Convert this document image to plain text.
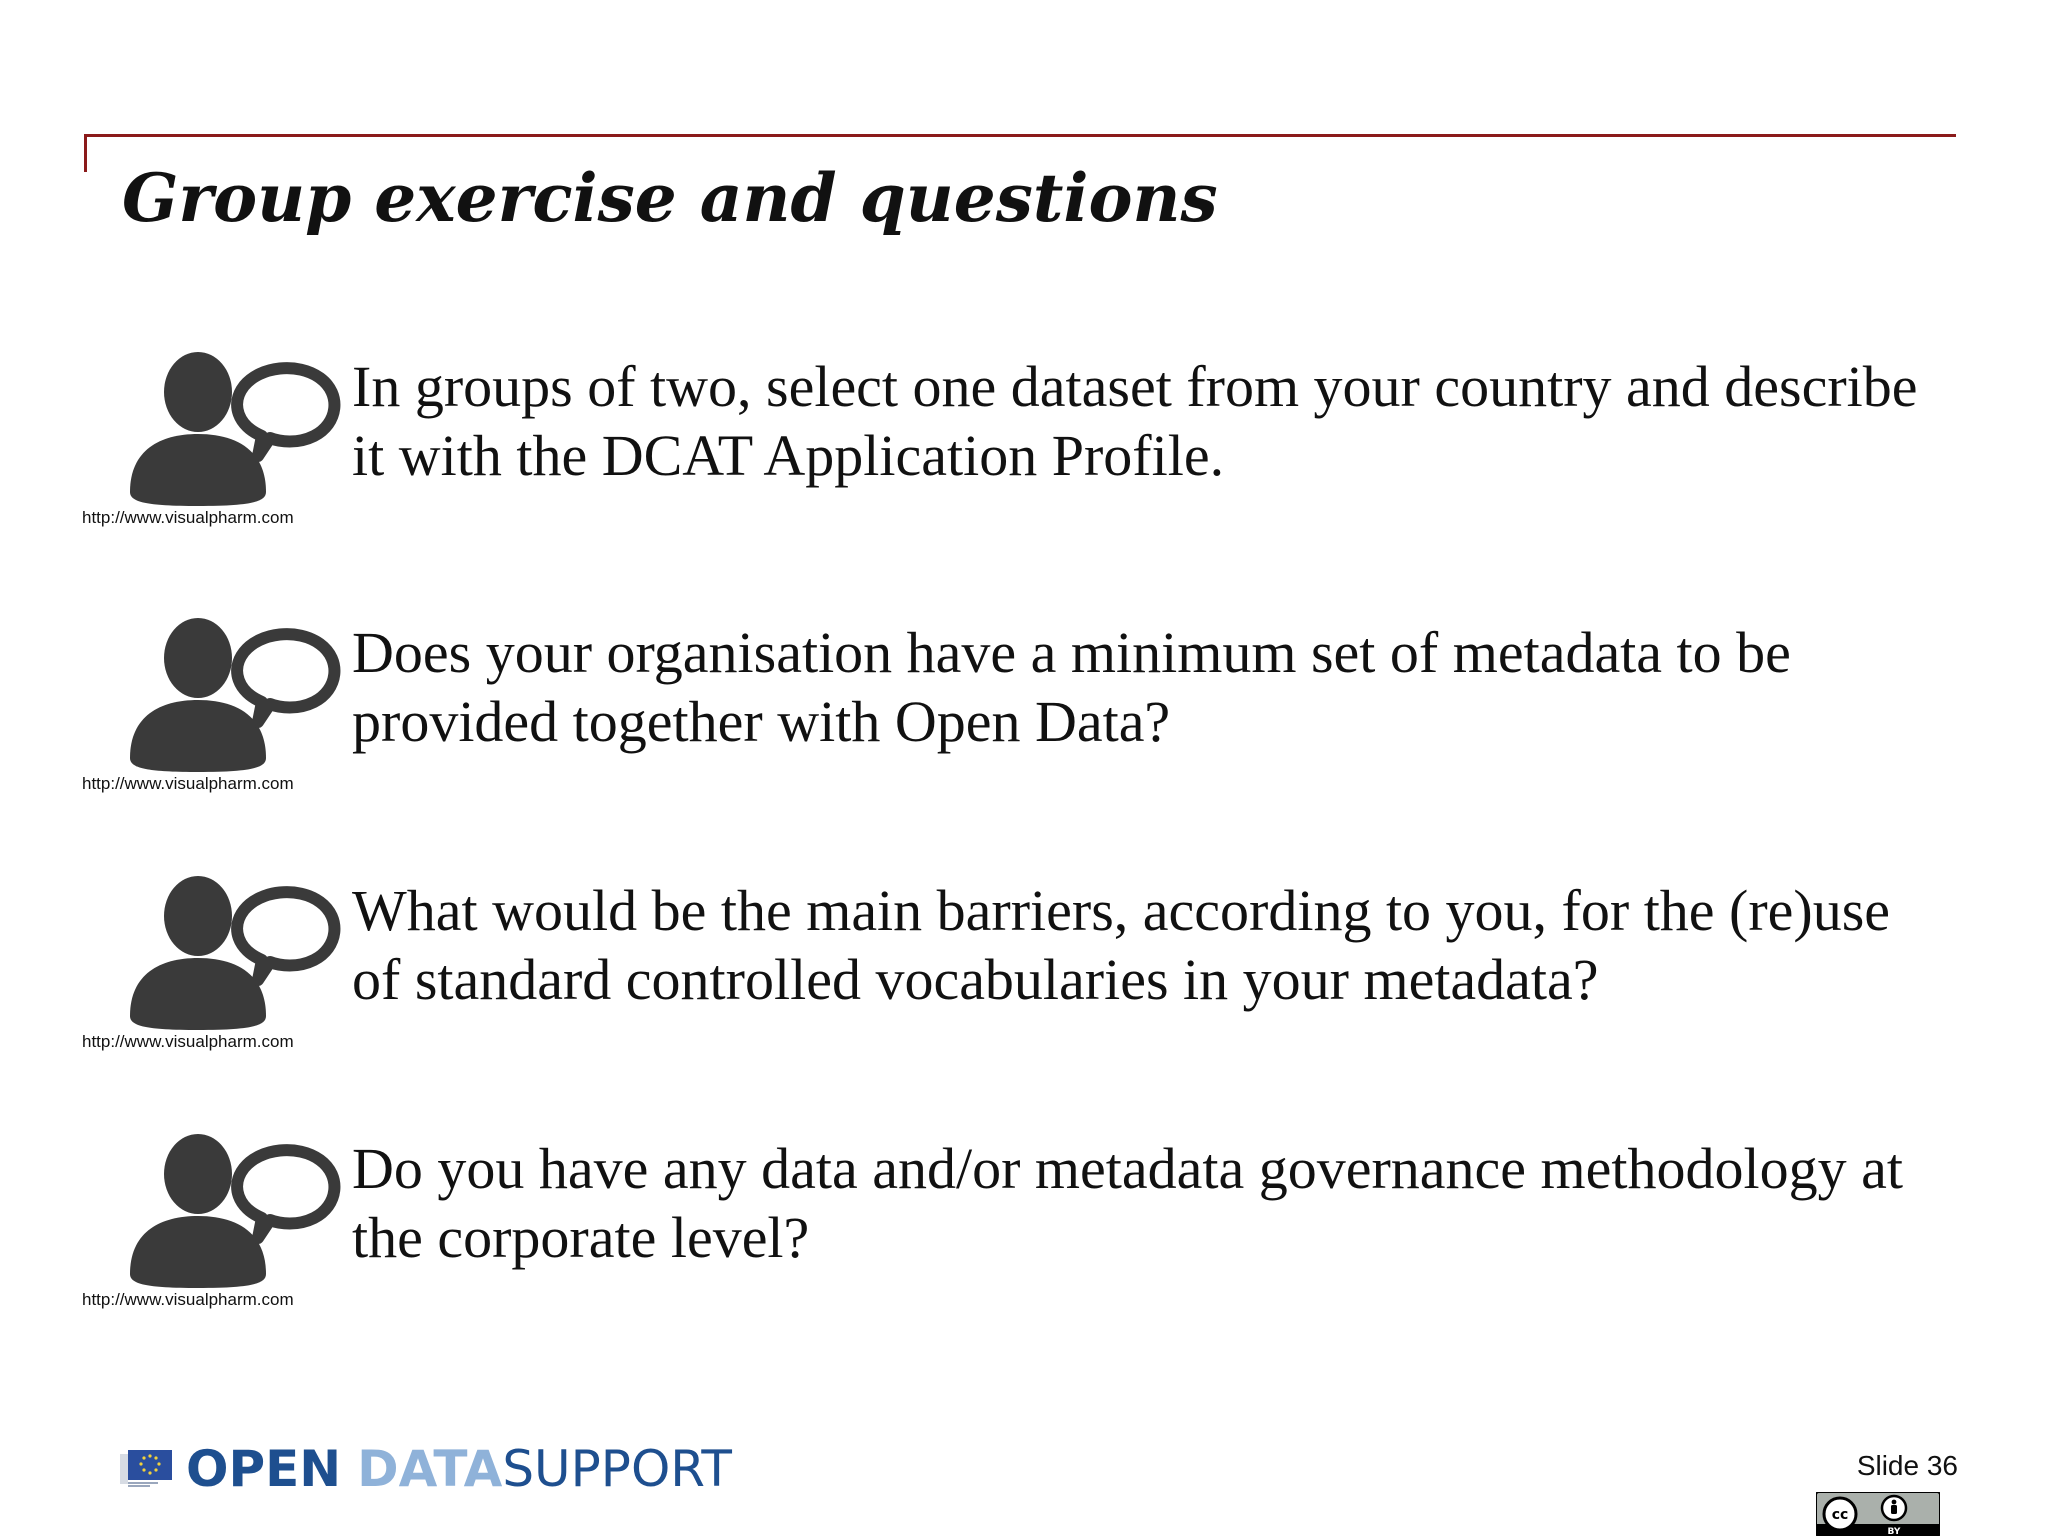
Group exercise and questions
http://www.visualpharm.com

In groups of two, select one dataset from your country and describe it with the DCAT Application Profile.

http://www.visualpharm.com

Does your organisation have a minimum set of metadata to be provided together with Open Data?

http://www.visualpharm.com

What would be the main barriers, according to you, for the (re)use of standard controlled vocabularies in your metadata?

http://www.visualpharm.com

Do you have any data and/or metadata governance methodology at the corporate level?

OPEN DATASUPPORT	Slide 36
cc
BY
